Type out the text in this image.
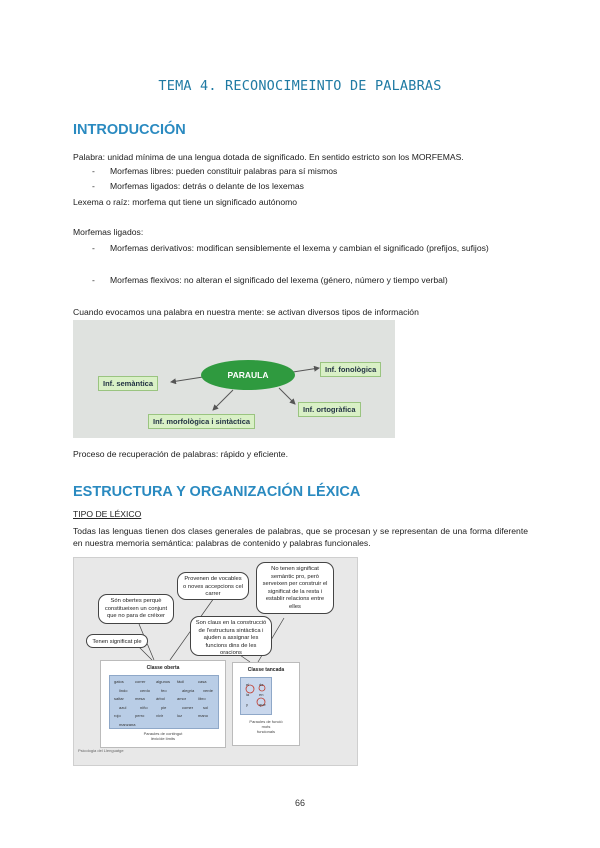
TEMA 4. RECONOCIMEINTO DE PALABRAS
INTRODUCCIÓN
Palabra: unidad mínima de una lengua dotada de significado. En sentido estricto son los MORFEMAS.
- Morfemas libres: pueden constituir palabras para sí mismos
- Morfemas ligados: detrás o delante de los lexemas
Lexema o raíz: morfema qut tiene un significado autónomo
Morfemas ligados:
- Morfemas derivativos: modifican sensiblemente el lexema y cambian el significado (prefijos, sufijos)
- Morfemas flexivos: no alteran el significado del lexema (género, número y tiempo verbal)
Cuando evocamos una palabra en nuestra mente: se activan diversos tipos de información
PARAULA
Inf. semàntica
Inf. fonològica
Inf. ortogràfica
Inf. morfològica i sintàctica
Proceso de recuperación de palabras: rápido y eficiente.
ESTRUCTURA Y ORGANIZACIÓN LÉXICA
TIPO DE LÉXICO
Todas las lenguas tienen dos clases generales de palabras, que se procesan y se representan de una forma diferente en nuestra memoria semántica: palabras de contenido y palabras funcionales.
Provenen de vocables o noves accepcions cel carrer
No tenen significat semàntic pro, però serveixen per construir el significat de la resta i establir relacions entre elles
Són obertes perquè constitueixen un conjunt que no para de créixer
Son claus en la construcció de l'estructura sintàctica i ajuden a assignar les funcions dins de les oracions
Tenen significat ple
Classe oberta
gatos	correr	algunos fácil	casa
lindo	cerdo	feo	alegría verde
saltar	mesa	árbol	amor	libro
azul	niño	pie	comer sol
rojo	perro	vivir	luz	mano
manzana
Paraules de contingut
lèxic/de límits
Classe tancada
el de
la en
y	que
Paraules de funció
mots
funcionals
Psicologia del Llenguatge
66
